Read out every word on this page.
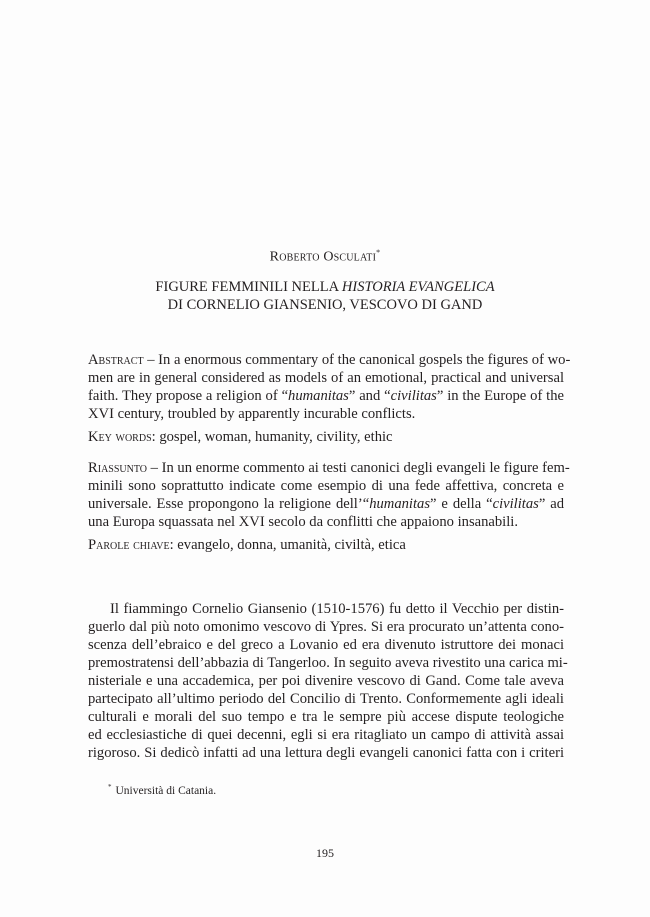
Roberto Osculati*
FIGURE FEMMINILI NELLA HISTORIA EVANGELICA
DI CORNELIO GIANSENIO, VESCOVO DI GAND
Abstract – In a enormous commentary of the canonical gospels the figures of wo-
men are in general considered as models of an emotional, practical and universal
faith. They propose a religion of “humanitas” and “civilitas” in the Europe of the
XVI century, troubled by apparently incurable conflicts.
Key words: gospel, woman, humanity, civility, ethic
Riassunto – In un enorme commento ai testi canonici degli evangeli le figure fem-
minili sono soprattutto indicate come esempio di una fede affettiva, concreta e
universale. Esse propongono la religione dell’“humanitas” e della “civilitas” ad
una Europa squassata nel XVI secolo da conflitti che appaiono insanabili.
Parole chiave: evangelo, donna, umanità, civiltà, etica
Il fiammingo Cornelio Giansenio (1510-1576) fu detto il Vecchio per distin-
guerlo dal più noto omonimo vescovo di Ypres. Si era procurato un’attenta cono-
scenza dell’ebraico e del greco a Lovanio ed era divenuto istruttore dei monaci
premostratensi dell’abbazia di Tangerloo. In seguito aveva rivestito una carica mi-
nisteriale e una accademica, per poi divenire vescovo di Gand. Come tale aveva
partecipato all’ultimo periodo del Concilio di Trento. Conformemente agli ideali
culturali e morali del suo tempo e tra le sempre più accese dispute teologiche
ed ecclesiastiche di quei decenni, egli si era ritagliato un campo di attività assai
rigoroso. Si dedicò infatti ad una lettura degli evangeli canonici fatta con i criteri
* Università di Catania.
195
